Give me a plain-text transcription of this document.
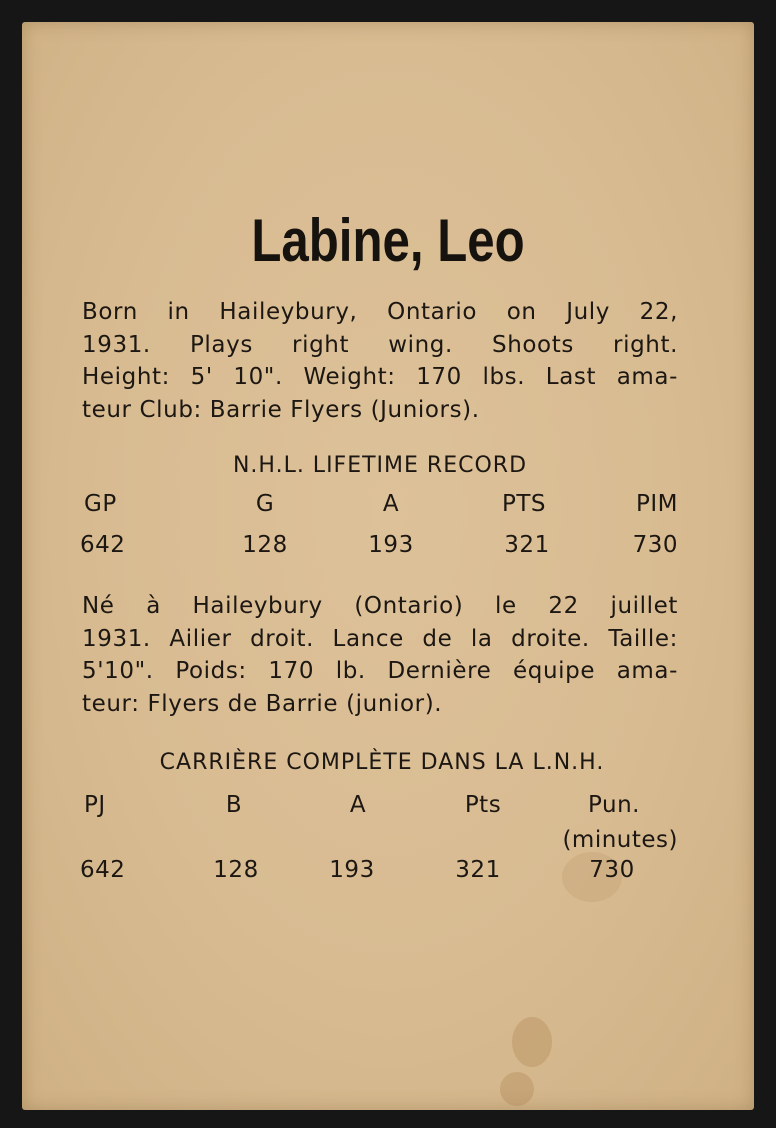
Labine, Leo
Born in Haileybury, Ontario on July 22,
1931. Plays right wing. Shoots right.
Height: 5' 10". Weight: 170 lbs. Last ama-
teur Club: Barrie Flyers (Juniors).
N.H.L. LIFETIME RECORD
GP	G	A	PTS	PIM
642	128	193	321	730
Né à Haileybury (Ontario) le 22 juillet
1931. Ailier droit. Lance de la droite. Taille:
5'10". Poids: 170 lb. Dernière équipe ama-
teur: Flyers de Barrie (junior).
CARRIÈRE COMPLÈTE DANS LA L.N.H.
PJ	B	A	Pts	Pun.
(minutes)
642	128	193	321	730
